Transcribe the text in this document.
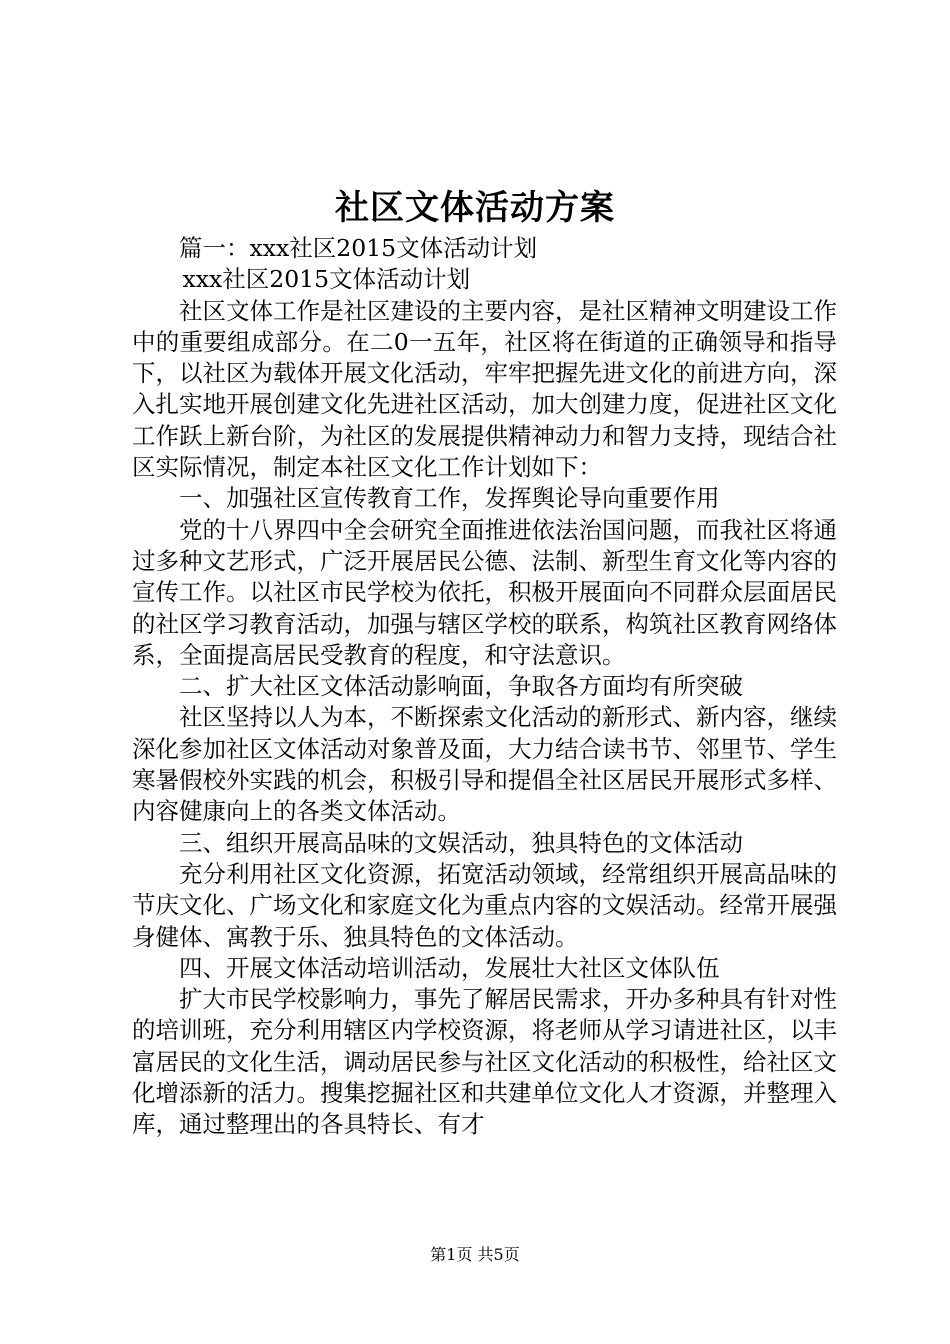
社区文体活动方案

篇一：xxx社区2015文体活动计划

xxx社区2015文体活动计划

社区文体工作是社区建设的主要内容，是社区精神文明建设工作中的重要组成部分。在二0一五年，社区将在街道的正确领导和指导下，以社区为载体开展文化活动，牢牢把握先进文化的前进方向，深入扎实地开展创建文化先进社区活动，加大创建力度，促进社区文化工作跃上新台阶，为社区的发展提供精神动力和智力支持，现结合社区实际情况，制定本社区文化工作计划如下：

一、加强社区宣传教育工作，发挥舆论导向重要作用

党的十八界四中全会研究全面推进依法治国问题，而我社区将通过多种文艺形式，广泛开展居民公德、法制、新型生育文化等内容的宣传工作。以社区市民学校为依托，积极开展面向不同群众层面居民的社区学习教育活动，加强与辖区学校的联系，构筑社区教育网络体系，全面提高居民受教育的程度，和守法意识。

二、扩大社区文体活动影响面，争取各方面均有所突破

社区坚持以人为本，不断探索文化活动的新形式、新内容，继续深化参加社区文体活动对象普及面，大力结合读书节、邻里节、学生寒暑假校外实践的机会，积极引导和提倡全社区居民开展形式多样、内容健康向上的各类文体活动。

三、组织开展高品味的文娱活动，独具特色的文体活动

充分利用社区文化资源，拓宽活动领域，经常组织开展高品味的节庆文化、广场文化和家庭文化为重点内容的文娱活动。经常开展强身健体、寓教于乐、独具特色的文体活动。

四、开展文体活动培训活动，发展壮大社区文体队伍

扩大市民学校影响力，事先了解居民需求，开办多种具有针对性的培训班，充分利用辖区内学校资源，将老师从学习请进社区，以丰富居民的文化生活，调动居民参与社区文化活动的积极性，给社区文化增添新的活力。搜集挖掘社区和共建单位文化人才资源，并整理入库，通过整理出的各具特长、有才

第1页 共5页
